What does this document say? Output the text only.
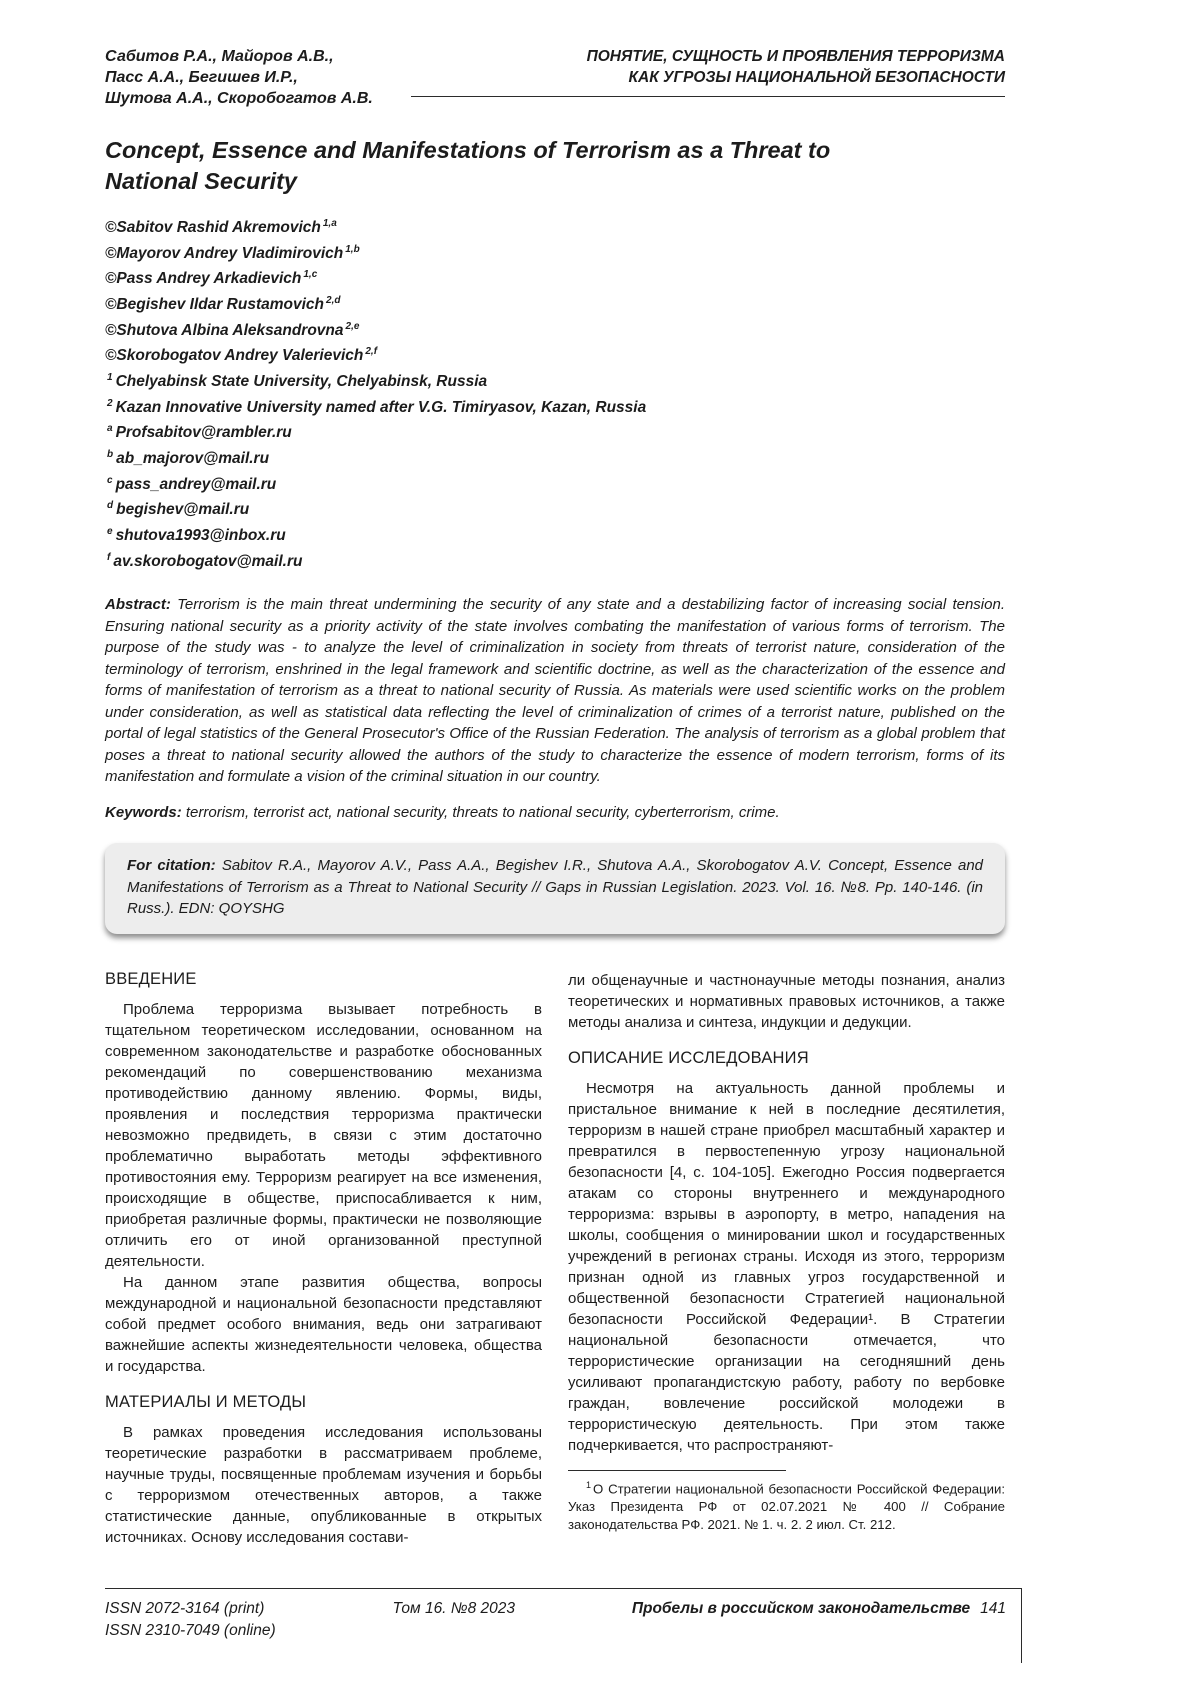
Сабитов Р.А., Майоров А.В.,
Пасс А.А., Бегишев И.Р.,
Шутова А.А., Скоробогатов А.В.
ПОНЯТИЕ, СУЩНОСТЬ И ПРОЯВЛЕНИЯ ТЕРРОРИЗМА
КАК УГРОЗЫ НАЦИОНАЛЬНОЙ БЕЗОПАСНОСТИ
Concept, Essence and Manifestations of Terrorism as a Threat to National Security
©Sabitov Rashid Akremovich $^{1,a}$
©Mayorov Andrey Vladimirovich $^{1,b}$
©Pass Andrey Arkadievich $^{1,c}$
©Begishev Ildar Rustamovich $^{2,d}$
©Shutova Albina Aleksandrovna $^{2,e}$
©Skorobogatov Andrey Valerievich $^{2,f}$
$^1$ Chelyabinsk State University, Chelyabinsk, Russia
$^2$ Kazan Innovative University named after V.G. Timiryasov, Kazan, Russia
$^a$ Profsabitov@rambler.ru
$^b$ ab_majorov@mail.ru
$^c$ pass_andrey@mail.ru
$^d$ begishev@mail.ru
$^e$ shutova1993@inbox.ru
$^f$ av.skorobogatov@mail.ru

Abstract: Terrorism is the main threat undermining the security of any state and a destabilizing factor of increasing social tension. Ensuring national security as a priority activity of the state involves combating the manifestation of various forms of terrorism. The purpose of the study was - to analyze the level of criminalization in society from threats of terrorist nature, consideration of the terminology of terrorism, enshrined in the legal framework and scientific doctrine, as well as the characterization of the essence and forms of manifestation of terrorism as a threat to national security of Russia. As materials were used scientific works on the problem under consideration, as well as statistical data reflecting the level of criminalization of crimes of a terrorist nature, published on the portal of legal statistics of the General Prosecutor's Office of the Russian Federation. The analysis of terrorism as a global problem that poses a threat to national security allowed the authors of the study to characterize the essence of modern terrorism, forms of its manifestation and formulate a vision of the criminal situation in our country.

Keywords: terrorism, terrorist act, national security, threats to national security, cyberterrorism, crime.

For citation: Sabitov R.A., Mayorov A.V., Pass A.A., Begishev I.R., Shutova A.A., Skorobogatov A.V. Concept, Essence and Manifestations of Terrorism as a Threat to National Security // Gaps in Russian Legislation. 2023. Vol. 16. №8. Pp. 140-146. (in Russ.). EDN: QOYSHG
ВВЕДЕНИЕ

Проблема терроризма вызывает потребность в тщательном теоретическом исследовании, основанном на современном законодательстве и разработке обоснованных рекомендаций по совершенствованию механизма противодействию данному явлению. Формы, виды, проявления и последствия терроризма практически невозможно предвидеть, в связи с этим достаточно проблематично выработать методы эффективного противостояния ему. Терроризм реагирует на все изменения, происходящие в обществе, приспосабливается к ним, приобретая различные формы, практически не позволяющие отличить его от иной организованной преступной деятельности.

На данном этапе развития общества, вопросы международной и национальной безопасности представляют собой предмет особого внимания, ведь они затрагивают важнейшие аспекты жизнедеятельности человека, общества и государства.

МАТЕРИАЛЫ И МЕТОДЫ

В рамках проведения исследования использованы теоретические разработки в рассматриваем проблеме, научные труды, посвященные проблемам изучения и борьбы с терроризмом отечественных авторов, а также статистические данные, опубликованные в открытых источниках. Основу исследования состави-

ли общенаучные и частнонаучные методы познания, анализ теоретических и нормативных правовых источников, а также методы анализа и синтеза, индукции и дедукции.

ОПИСАНИЕ ИССЛЕДОВАНИЯ

Несмотря на актуальность данной проблемы и пристальное внимание к ней в последние десятилетия, терроризм в нашей стране приобрел масштабный характер и превратился в первостепенную угрозу национальной безопасности [4, с. 104-105]. Ежегодно Россия подвергается атакам со стороны внутреннего и международного терроризма: взрывы в аэропорту, в метро, нападения на школы, сообщения о минировании школ и государственных учреждений в регионах страны. Исходя из этого, терроризм признан одной из главных угроз государственной и общественной безопасности Стратегией национальной безопасности Российской Федерации¹. В Стратегии национальной безопасности отмечается, что террористические организации на сегодняшний день усиливают пропагандистскую работу, работу по вербовке граждан, вовлечение российской молодежи в террористическую деятельность. При этом также подчеркивается, что распространяют-

$^1$ О Стратегии национальной безопасности Российской Федерации: Указ Президента РФ от 02.07.2021 № 400 // Собрание законодательства РФ. 2021. № 1. ч. 2. 2 июл. Ст. 212.

ISSN 2072-3164 (print)
ISSN 2310-7049 (online)
Том 16. №8 2023	Пробелы в российском законодательстве 141
